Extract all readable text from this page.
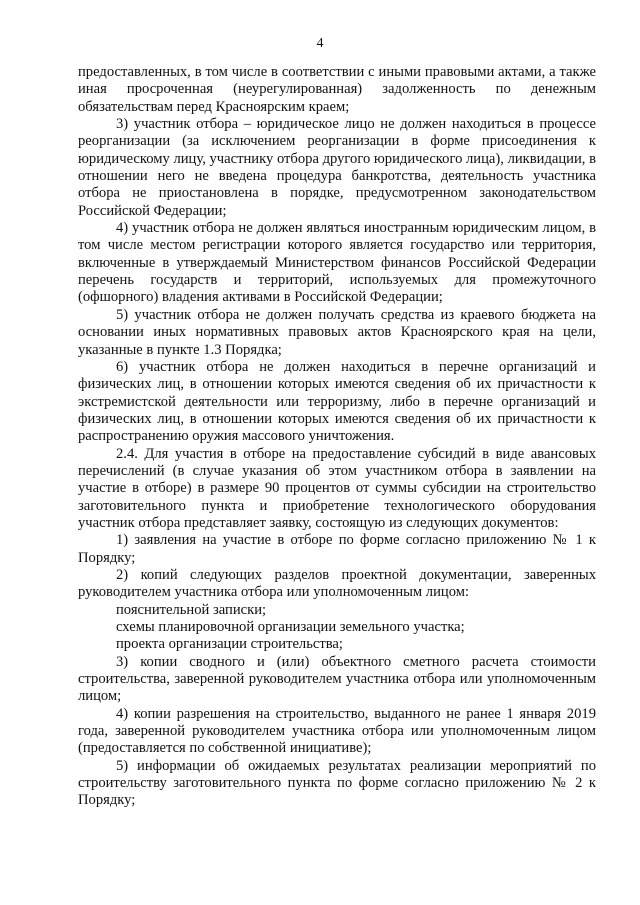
4

предоставленных, в том числе в соответствии с иными правовыми актами, а также иная просроченная (неурегулированная) задолженность по денежным обязательствам перед Красноярским краем;

3) участник отбора – юридическое лицо не должен находиться в процессе реорганизации (за исключением реорганизации в форме присоединения к юридическому лицу, участнику отбора другого юридического лица), ликвидации, в отношении него не введена процедура банкротства, деятельность участника отбора не приостановлена в порядке, предусмотренном законодательством Российской Федерации;

4) участник отбора не должен являться иностранным юридическим лицом, в том числе местом регистрации которого является государство или территория, включенные в утверждаемый Министерством финансов Российской Федерации перечень государств и территорий, используемых для промежуточного (офшорного) владения активами в Российской Федерации;

5) участник отбора не должен получать средства из краевого бюджета на основании иных нормативных правовых актов Красноярского края на цели, указанные в пункте 1.3 Порядка;

6) участник отбора не должен находиться в перечне организаций и физических лиц, в отношении которых имеются сведения об их причастности к экстремистской деятельности или терроризму, либо в перечне организаций и физических лиц, в отношении которых имеются сведения об их причастности к распространению оружия массового уничтожения.

2.4. Для участия в отборе на предоставление субсидий в виде авансовых перечислений (в случае указания об этом участником отбора в заявлении на участие в отборе) в размере 90 процентов от суммы субсидии на строительство заготовительного пункта и приобретение технологического оборудования участник отбора представляет заявку, состоящую из следующих документов:

1) заявления на участие в отборе по форме согласно приложению № 1 к Порядку;

2) копий следующих разделов проектной документации, заверенных руководителем участника отбора или уполномоченным лицом:

пояснительной записки;

схемы планировочной организации земельного участка;

проекта организации строительства;

3) копии сводного и (или) объектного сметного расчета стоимости строительства, заверенной руководителем участника отбора или уполномоченным лицом;

4) копии разрешения на строительство, выданного не ранее 1 января 2019 года, заверенной руководителем участника отбора или уполномоченным лицом (предоставляется по собственной инициативе);

5) информации об ожидаемых результатах реализации мероприятий по строительству заготовительного пункта по форме согласно приложению № 2 к Порядку;
